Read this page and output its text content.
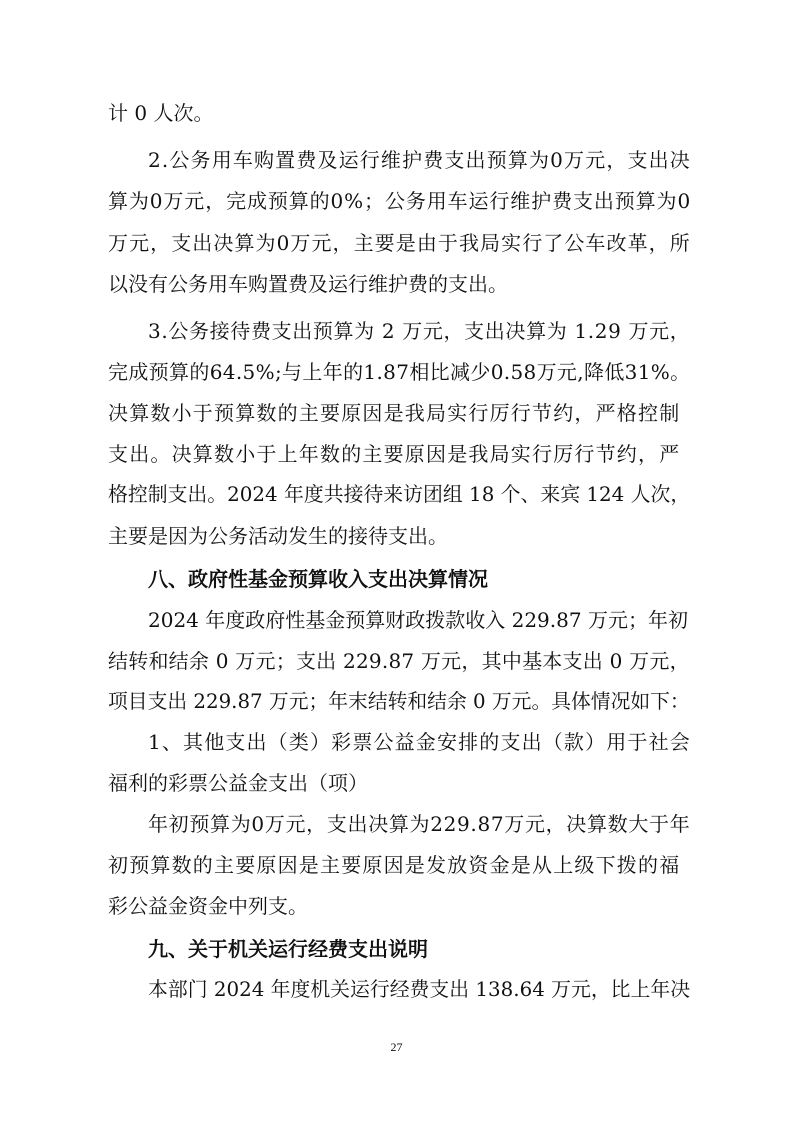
计 0 人次。
2.公务用车购置费及运行维护费支出预算为0万元，支出决
算为0万元，完成预算的0%；公务用车运行维护费支出预算为0
万元，支出决算为0万元，主要是由于我局实行了公车改革，所
以没有公务用车购置费及运行维护费的支出。
3.公务接待费支出预算为 2 万元，支出决算为 1.29 万元，
完成预算的64.5%;与上年的1.87相比减少0.58万元,降低31%。
决算数小于预算数的主要原因是我局实行厉行节约，严格控制
支出。决算数小于上年数的主要原因是我局实行厉行节约，严
格控制支出。2024 年度共接待来访团组 18 个、来宾 124 人次，
主要是因为公务活动发生的接待支出。
八、政府性基金预算收入支出决算情况
2024 年度政府性基金预算财政拨款收入 229.87 万元；年初
结转和结余 0 万元；支出 229.87 万元，其中基本支出 0 万元，
项目支出 229.87 万元；年末结转和结余 0 万元。具体情况如下：
1、其他支出（类）彩票公益金安排的支出（款）用于社会
福利的彩票公益金支出（项）
年初预算为0万元，支出决算为229.87万元，决算数大于年
初预算数的主要原因是主要原因是发放资金是从上级下拨的福
彩公益金资金中列支。
九、关于机关运行经费支出说明
本部门 2024 年度机关运行经费支出 138.64 万元，比上年决
27
